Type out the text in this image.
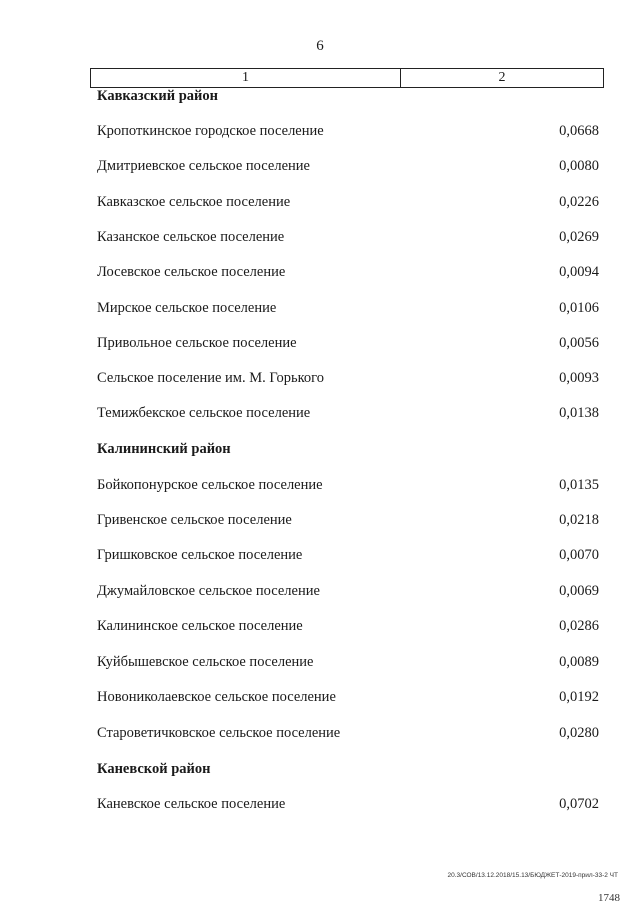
6
1	2
Кавказский район
Кропоткинское городское поселение	0,0668
Дмитриевское сельское поселение	0,0080
Кавказское сельское поселение	0,0226
Казанское сельское поселение	0,0269
Лосевское сельское поселение	0,0094
Мирское сельское поселение	0,0106
Привольное сельское поселение	0,0056
Сельское поселение им. М. Горького	0,0093
Темижбекское сельское поселение	0,0138
Калининский район
Бойкопонурское сельское поселение	0,0135
Гривенское сельское поселение	0,0218
Гришковское сельское поселение	0,0070
Джумайловское сельское поселение	0,0069
Калининское сельское поселение	0,0286
Куйбышевское сельское поселение	0,0089
Новониколаевское сельское поселение	0,0192
Староветичковское сельское поселение	0,0280
Каневской район
Каневское сельское поселение	0,0702
20.3/СОВ/13.12.2018/15.13/БЮДЖЕТ-2019-прил-33-2 ЧТ
1748
